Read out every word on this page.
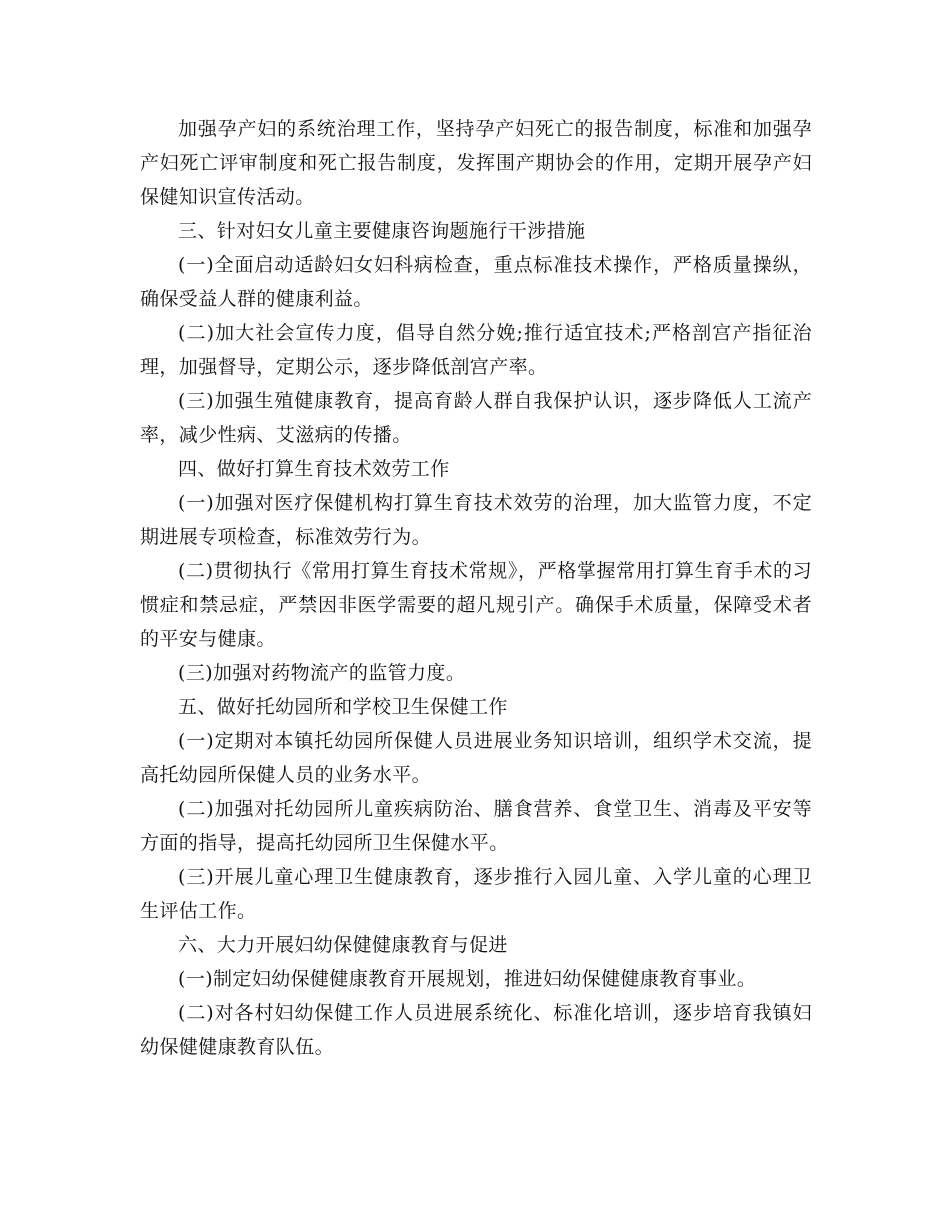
加强孕产妇的系统治理工作，坚持孕产妇死亡的报告制度，标准和加强孕产妇死亡评审制度和死亡报告制度，发挥围产期协会的作用，定期开展孕产妇保健知识宣传活动。

三、针对妇女儿童主要健康咨询题施行干涉措施

(一)全面启动适龄妇女妇科病检查，重点标准技术操作，严格质量操纵，确保受益人群的健康利益。

(二)加大社会宣传力度，倡导自然分娩;推行适宜技术;严格剖宫产指征治理，加强督导，定期公示，逐步降低剖宫产率。

(三)加强生殖健康教育，提高育龄人群自我保护认识，逐步降低人工流产率，减少性病、艾滋病的传播。

四、做好打算生育技术效劳工作

(一)加强对医疗保健机构打算生育技术效劳的治理，加大监管力度，不定期进展专项检查，标准效劳行为。

(二)贯彻执行《常用打算生育技术常规》，严格掌握常用打算生育手术的习惯症和禁忌症，严禁因非医学需要的超凡规引产。确保手术质量，保障受术者的平安与健康。

(三)加强对药物流产的监管力度。

五、做好托幼园所和学校卫生保健工作

(一)定期对本镇托幼园所保健人员进展业务知识培训，组织学术交流，提高托幼园所保健人员的业务水平。

(二)加强对托幼园所儿童疾病防治、膳食营养、食堂卫生、消毒及平安等方面的指导，提高托幼园所卫生保健水平。

(三)开展儿童心理卫生健康教育，逐步推行入园儿童、入学儿童的心理卫生评估工作。

六、大力开展妇幼保健健康教育与促进

(一)制定妇幼保健健康教育开展规划，推进妇幼保健健康教育事业。

(二)对各村妇幼保健工作人员进展系统化、标准化培训，逐步培育我镇妇幼保健健康教育队伍。
